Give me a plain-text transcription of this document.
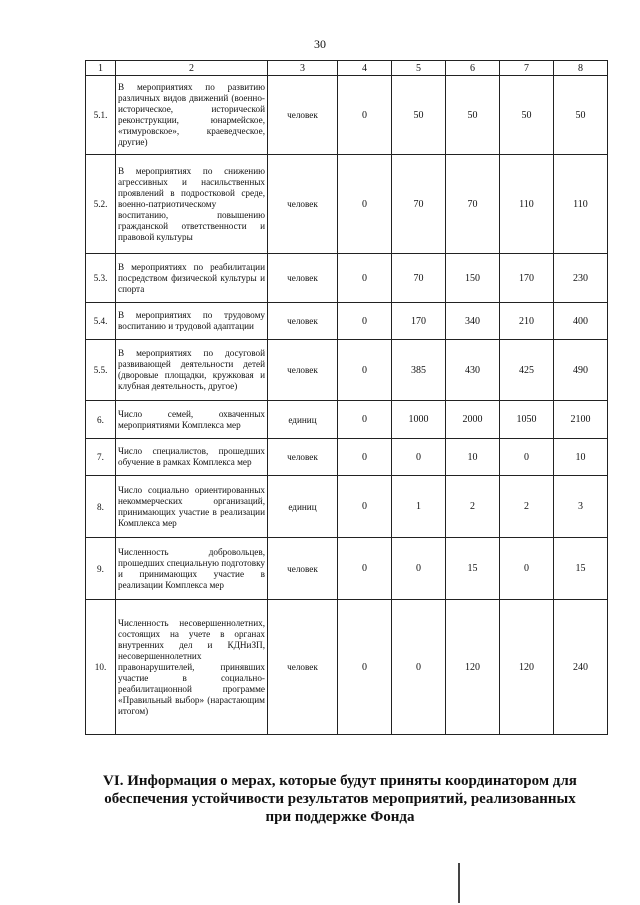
30
1	2	3	4	5	6	7	8
5.1.	В мероприятиях по развитию различных видов движений (военно-историческое, исторической реконструкции, юнармейское, «тимуровское», краеведческое, другие)	человек	0	50	50	50	50
5.2.	В мероприятиях по снижению агрессивных и насильственных проявлений в подростковой среде, военно-патриотическому воспитанию, повышению гражданской ответственности и правовой культуры	человек	0	70	70	110	110
5.3.	В мероприятиях по реабилитации посредством физической культуры и спорта	человек	0	70	150	170	230
5.4.	В мероприятиях по трудовому воспитанию и трудовой адаптации	человек	0	170	340	210	400
5.5.	В мероприятиях по досуговой развивающей деятельности детей (дворовые площадки, кружковая и клубная деятельность, другое)	человек	0	385	430	425	490
6.	Число семей, охваченных мероприятиями Комплекса мер	единиц	0	1000	2000	1050	2100
7.	Число специалистов, прошедших обучение в рамках Комплекса мер	человек	0	0	10	0	10
8.	Число социально ориентированных некоммерческих организаций, принимающих участие в реализации Комплекса мер	единиц	0	1	2	2	3
9.	Численность добровольцев, прошедших специальную подготовку и принимающих участие в реализации Комплекса мер	человек	0	0	15	0	15
10.	Численность несовершеннолетних, состоящих на учете в органах внутренних дел и КДНиЗП, несовершеннолетних правонарушителей, принявших участие в социально-реабилитационной программе «Правильный выбор» (нарастающим итогом)	человек	0	0	120	120	240
VI. Информация о мерах, которые будут приняты координатором для обеспечения устойчивости результатов мероприятий, реализованных при поддержке Фонда
